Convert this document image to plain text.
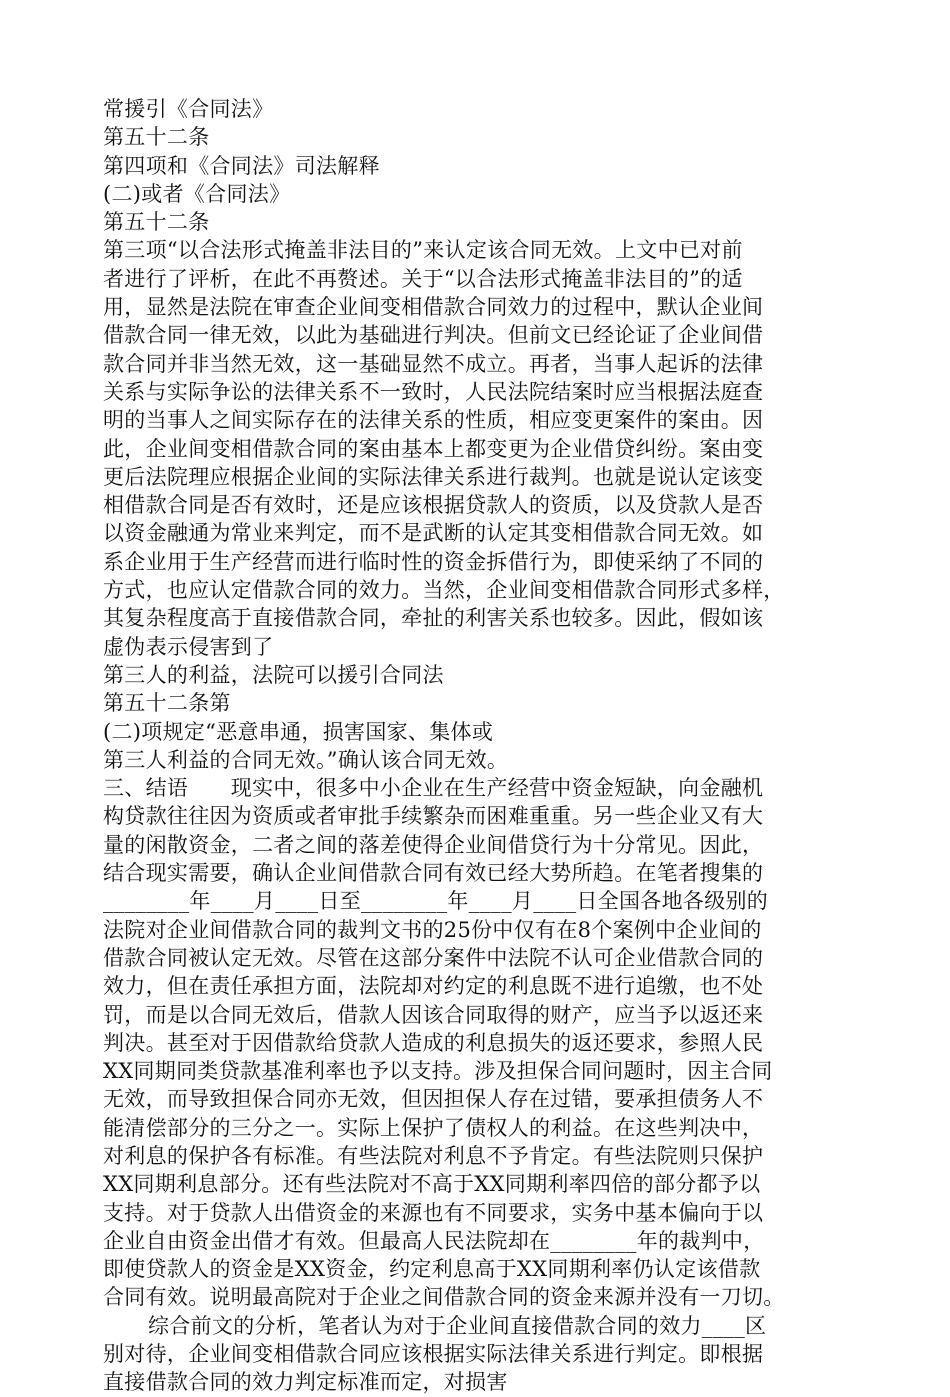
常援引《合同法》
第五十二条
第四项和《合同法》司法解释
(二)或者《合同法》
第五十二条
第三项“以合法形式掩盖非法目的”来认定该合同无效。上文中已对前
者进行了评析，在此不再赘述。关于“以合法形式掩盖非法目的”的适
用，显然是法院在审查企业间变相借款合同效力的过程中，默认企业间
借款合同一律无效，以此为基础进行判决。但前文已经论证了企业间借
款合同并非当然无效，这一基础显然不成立。再者，当事人起诉的法律
关系与实际争讼的法律关系不一致时，人民法院结案时应当根据法庭查
明的当事人之间实际存在的法律关系的性质，相应变更案件的案由。因
此，企业间变相借款合同的案由基本上都变更为企业借贷纠纷。案由变
更后法院理应根据企业间的实际法律关系进行裁判。也就是说认定该变
相借款合同是否有效时，还是应该根据贷款人的资质，以及贷款人是否
以资金融通为常业来判定，而不是武断的认定其变相借款合同无效。如
系企业用于生产经营而进行临时性的资金拆借行为，即使采纳了不同的
方式，也应认定借款合同的效力。当然，企业间变相借款合同形式多样，
其复杂程度高于直接借款合同，牵扯的利害关系也较多。因此，假如该
虚伪表示侵害到了
第三人的利益，法院可以援引合同法
第五十二条第
(二)项规定“恶意串通，损害国家、集体或
第三人利益的合同无效。”确认该合同无效。
三、结语　　现实中，很多中小企业在生产经营中资金短缺，向金融机
构贷款往往因为资质或者审批手续繁杂而困难重重。另一些企业又有大
量的闲散资金，二者之间的落差使得企业间借贷行为十分常见。因此，
结合现实需要，确认企业间借款合同有效已经大势所趋。在笔者搜集的
________年____月____日至________年____月____日全国各地各级别的
法院对企业间借款合同的裁判文书的25份中仅有在8个案例中企业间的
借款合同被认定无效。尽管在这部分案件中法院不认可企业借款合同的
效力，但在责任承担方面，法院却对约定的利息既不进行追缴，也不处
罚，而是以合同无效后，借款人因该合同取得的财产，应当予以返还来
判决。甚至对于因借款给贷款人造成的利息损失的返还要求，参照人民
XX同期同类贷款基准利率也予以支持。涉及担保合同问题时，因主合同
无效，而导致担保合同亦无效，但因担保人存在过错，要承担债务人不
能清偿部分的三分之一。实际上保护了债权人的利益。在这些判决中，
对利息的保护各有标准。有些法院对利息不予肯定。有些法院则只保护
XX同期利息部分。还有些法院对不高于XX同期利率四倍的部分都予以
支持。对于贷款人出借资金的来源也有不同要求，实务中基本偏向于以
企业自由资金出借才有效。但最高人民法院却在________年的裁判中，
即使贷款人的资金是XX资金，约定利息高于XX同期利率仍认定该借款
合同有效。说明最高院对于企业之间借款合同的资金来源并没有一刀切。
综合前文的分析，笔者认为对于企业间直接借款合同的效力____区
别对待，企业间变相借款合同应该根据实际法律关系进行判定。即根据
直接借款合同的效力判定标准而定，对损害
